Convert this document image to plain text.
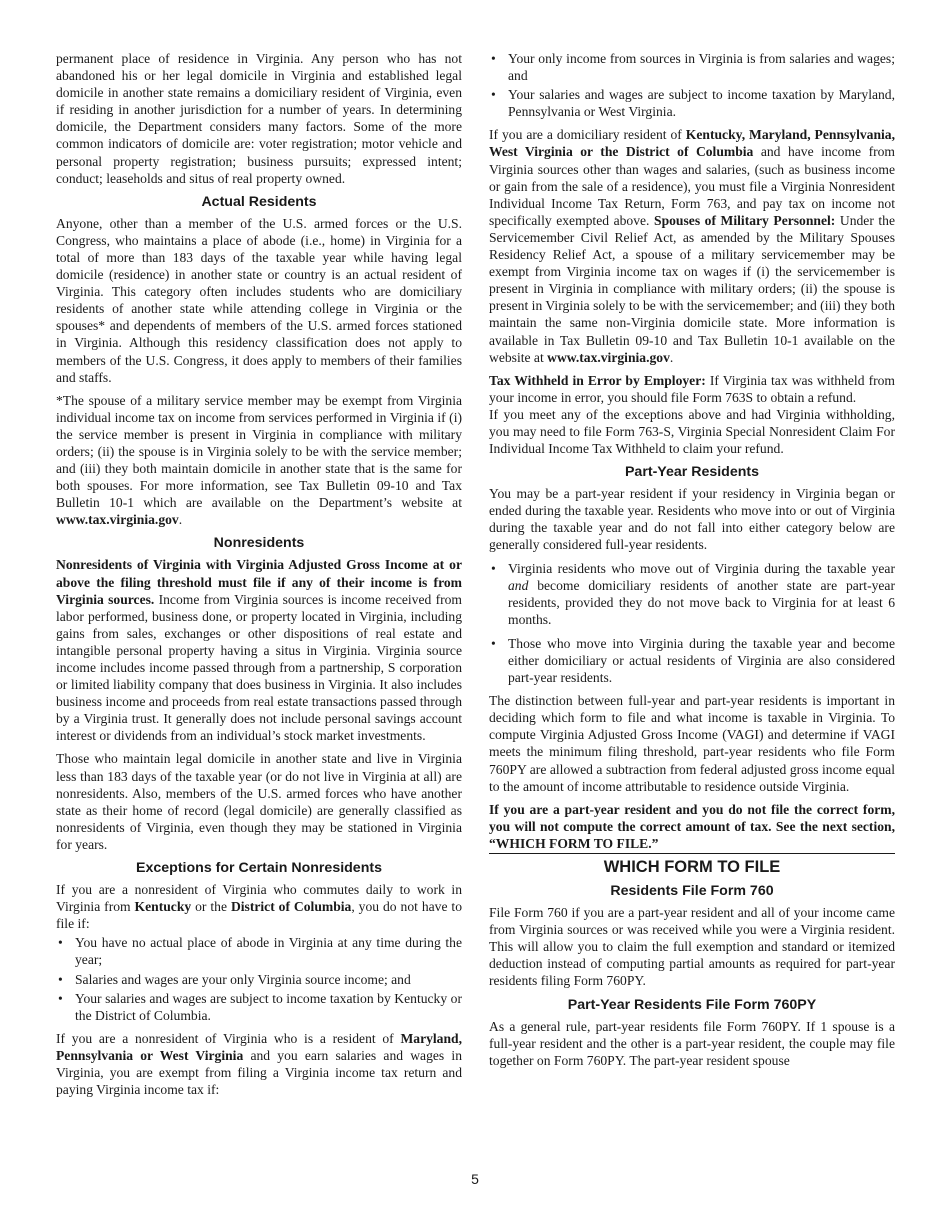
permanent place of residence in Virginia. Any person who has not abandoned his or her legal domicile in Virginia and established legal domicile in another state remains a domiciliary resident of Virginia, even if residing in another jurisdiction for a number of years. In determining domicile, the Department considers many factors. Some of the more common indicators of domicile are: voter registration; motor vehicle and personal property registration; business pursuits; expressed intent; conduct; leaseholds and situs of real property owned.

Actual Residents

Anyone, other than a member of the U.S. armed forces or the U.S. Congress, who maintains a place of abode (i.e., home) in Virginia for a total of more than 183 days of the taxable year while having legal domicile (residence) in another state or country is an actual resident of Virginia. This category often includes students who are domiciliary residents of another state while attending college in Virginia or the spouses* and dependents of members of the U.S. armed forces stationed in Virginia. Although this residency classification does not apply to members of the U.S. Congress, it does apply to members of their families and staffs.

*The spouse of a military service member may be exempt from Virginia individual income tax on income from services performed in Virginia if (i) the service member is present in Virginia in compliance with military orders; (ii) the spouse is in Virginia solely to be with the service member; and (iii) they both maintain domicile in another state that is the same for both spouses. For more information, see Tax Bulletin 09-10 and Tax Bulletin 10-1 which are available on the Department’s website at www.tax.virginia.gov.

Nonresidents

Nonresidents of Virginia with Virginia Adjusted Gross Income at or above the filing threshold must file if any of their income is from Virginia sources. Income from Virginia sources is income received from labor performed, business done, or property located in Virginia, including gains from sales, exchanges or other dispositions of real estate and intangible personal property having a situs in Virginia. Virginia source income includes income passed through from a partnership, S corporation or limited liability company that does business in Virginia. It also includes business income and proceeds from real estate transactions passed through by a Virginia trust. It generally does not include personal savings account interest or dividends from an individual’s stock market investments.

Those who maintain legal domicile in another state and live in Virginia less than 183 days of the taxable year (or do not live in Virginia at all) are nonresidents. Also, members of the U.S. armed forces who have another state as their home of record (legal domicile) are generally classified as nonresidents of Virginia, even though they may be stationed in Virginia for years.

Exceptions for Certain Nonresidents

If you are a nonresident of Virginia who commutes daily to work in Virginia from Kentucky or the District of Columbia, you do not have to file if:

• You have no actual place of abode in Virginia at any time during the year;
• Salaries and wages are your only Virginia source income; and
• Your salaries and wages are subject to income taxation by Kentucky or the District of Columbia.

If you are a nonresident of Virginia who is a resident of Maryland, Pennsylvania or West Virginia and you earn salaries and wages in Virginia, you are exempt from filing a Virginia income tax return and paying Virginia income tax if:

• Your only income from sources in Virginia is from salaries and wages; and
• Your salaries and wages are subject to income taxation by Maryland, Pennsylvania or West Virginia.

If you are a domiciliary resident of Kentucky, Maryland, Pennsylvania, West Virginia or the District of Columbia and have income from Virginia sources other than wages and salaries, (such as business income or gain from the sale of a residence), you must file a Virginia Nonresident Individual Income Tax Return, Form 763, and pay tax on income not specifically exempted above. Spouses of Military Personnel: Under the Servicemember Civil Relief Act, as amended by the Military Spouses Residency Relief Act, a spouse of a military servicemember may be exempt from Virginia income tax on wages if (i) the servicemember is present in Virginia in compliance with military orders; (ii) the spouse is present in Virginia solely to be with the servicemember; and (iii) they both maintain the same non-Virginia domicile state. More information is available in Tax Bulletin 09-10 and Tax Bulletin 10-1 available on the website at www.tax.virginia.gov.

Tax Withheld in Error by Employer: If Virginia tax was withheld from your income in error, you should file Form 763S to obtain a refund.

If you meet any of the exceptions above and had Virginia withholding, you may need to file Form 763-S, Virginia Special Nonresident Claim For Individual Income Tax Withheld to claim your refund.

Part-Year Residents

You may be a part-year resident if your residency in Virginia began or ended during the taxable year. Residents who move into or out of Virginia during the taxable year and do not fall into either category below are generally considered full-year residents.

• Virginia residents who move out of Virginia during the taxable year and become domiciliary residents of another state are part-year residents, provided they do not move back to Virginia for at least 6 months.
• Those who move into Virginia during the taxable year and become either domiciliary or actual residents of Virginia are also considered part-year residents.

The distinction between full-year and part-year residents is important in deciding which form to file and what income is taxable in Virginia. To compute Virginia Adjusted Gross Income (VAGI) and determine if VAGI meets the minimum filing threshold, part-year residents who file Form 760PY are allowed a subtraction from federal adjusted gross income equal to the amount of income attributable to residence outside Virginia.

If you are a part-year resident and you do not file the correct form, you will not compute the correct amount of tax. See the next section, “WHICH FORM TO FILE.”

WHICH FORM TO FILE
Residents File Form 760

File Form 760 if you are a part-year resident and all of your income came from Virginia sources or was received while you were a Virginia resident. This will allow you to claim the full exemption and standard or itemized deduction instead of computing partial amounts as required for part-year residents filing Form 760PY.

Part-Year Residents File Form 760PY

As a general rule, part-year residents file Form 760PY. If 1 spouse is a full-year resident and the other is a part-year resident, the couple may file together on Form 760PY. The part-year resident spouse

5
